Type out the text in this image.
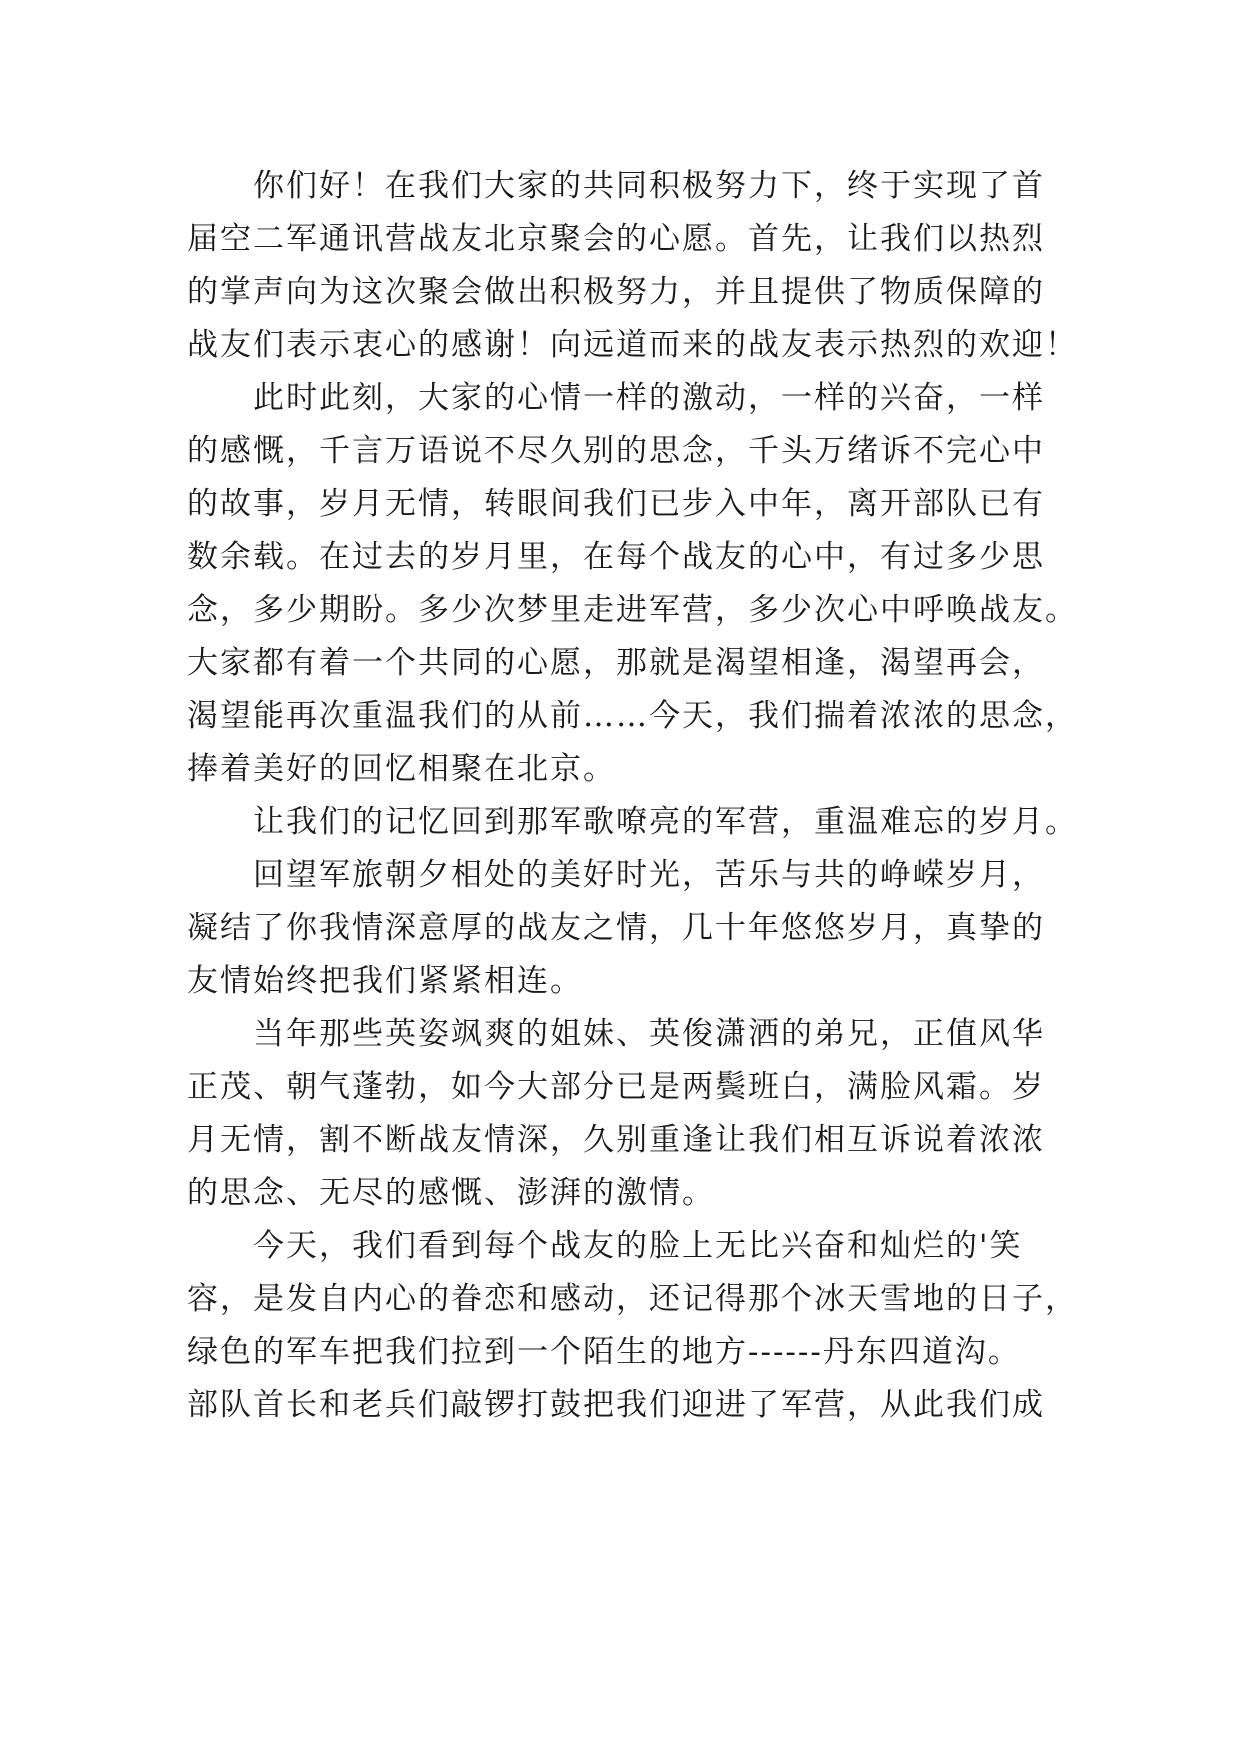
　　你们好！在我们大家的共同积极努力下，终于实现了首
届空二军通讯营战友北京聚会的心愿。首先，让我们以热烈
的掌声向为这次聚会做出积极努力，并且提供了物质保障的
战友们表示衷心的感谢！向远道而来的战友表示热烈的欢迎！
　　此时此刻，大家的心情一样的激动，一样的兴奋，一样
的感慨，千言万语说不尽久别的思念，千头万绪诉不完心中
的故事，岁月无情，转眼间我们已步入中年，离开部队已有
数余载。在过去的岁月里，在每个战友的心中，有过多少思
念，多少期盼。多少次梦里走进军营，多少次心中呼唤战友。
大家都有着一个共同的心愿，那就是渴望相逢，渴望再会，
渴望能再次重温我们的从前……今天，我们揣着浓浓的思念，
捧着美好的回忆相聚在北京。
　　让我们的记忆回到那军歌嘹亮的军营，重温难忘的岁月。
　　回望军旅朝夕相处的美好时光，苦乐与共的峥嵘岁月，
凝结了你我情深意厚的战友之情，几十年悠悠岁月，真挚的
友情始终把我们紧紧相连。
　　当年那些英姿飒爽的姐妹、英俊潇洒的弟兄，正值风华
正茂、朝气蓬勃，如今大部分已是两鬓班白，满脸风霜。岁
月无情，割不断战友情深，久别重逢让我们相互诉说着浓浓
的思念、无尽的感慨、澎湃的激情。
　　今天，我们看到每个战友的脸上无比兴奋和灿烂的'笑
容，是发自内心的眷恋和感动，还记得那个冰天雪地的日子，
绿色的军车把我们拉到一个陌生的地方------丹东四道沟。
部队首长和老兵们敲锣打鼓把我们迎进了军营，从此我们成
